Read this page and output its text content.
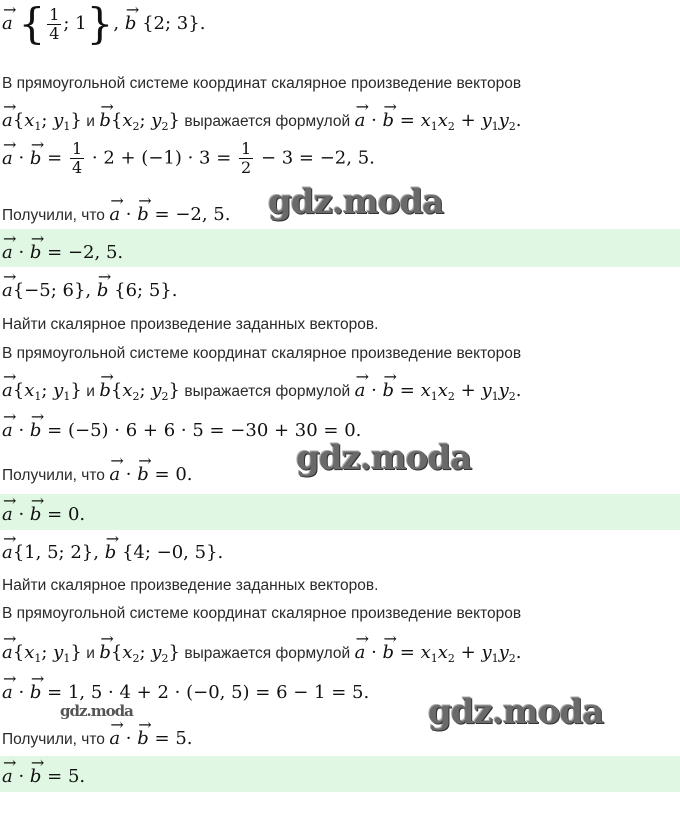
→ a { $\frac{1}{4}$ ; 1}, → b {2; 3}.
В прямоугольной системе координат скалярное произведение векторов
→ $a\{x_1$; $y_1$} $и \to b\{x_2$; $y_2$} выражается формулой → a · → $b = x_1x_2 + y_1y_2$.
→ a · → $b = \frac{1}{4} \cdot 2 + (-1) \cdot 3 = \frac{1}{2} - 3 = -2$, 5.
Получили, что → a · → b = −2, 5.	gdz.moda
→ a · → b = −2, 5.
→ a{−5; 6}, → b {6; 5}.
Найти скалярное произведение заданных векторов.
В прямоугольной системе координат скалярное произведение векторов
→ $a\{x_1$; $y_1$} $и \to b\{x_2$; $y_2$} выражается формулой → a · → $b = x_1x_2 + y_1y_2$.
→ a · → b = (−5) · 6 + 6 · 5 = −30 + 30 = 0.
Получили, что → a · → b = 0.	gdz.moda
→ a · → b = 0.
→ a{1, 5; 2}, → b {4; −0, 5}.
Найти скалярное произведение заданных векторов.
В прямоугольной системе координат скалярное произведение векторов
→ $a\{x_1$; $y_1$} $и \to b\{x_2$; $y_2$} выражается формулой → a · → $b = x_1x_2 + y_1y_2$.
→ a · → b = 1, 5 · 4 + 2 · (−0, 5) = 6 − 1 = 5.
gdz.moda	gdz.moda
Получили, что → a · → b = 5.
→ a · → b = 5.
